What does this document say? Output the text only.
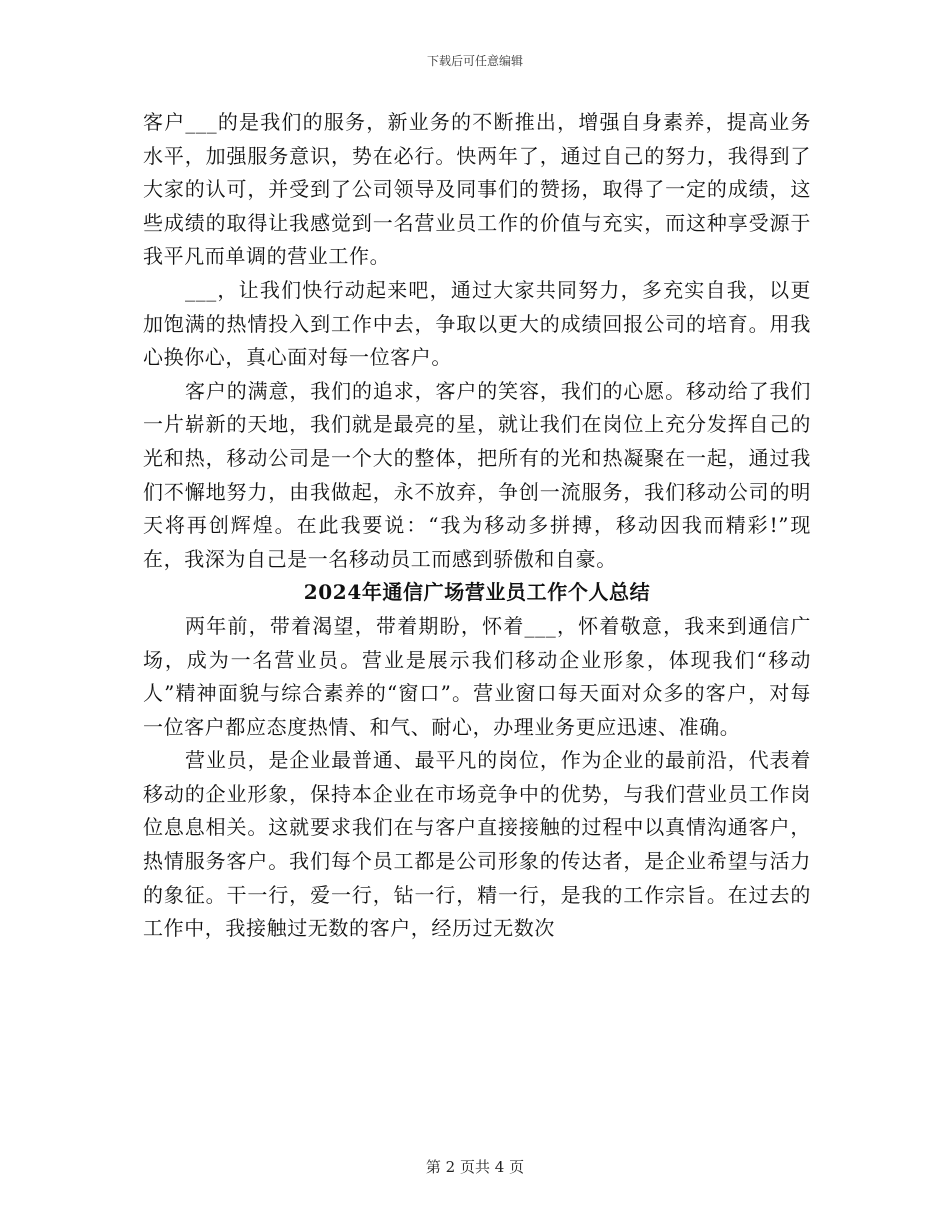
下载后可任意编辑

客户___的是我们的服务，新业务的不断推出，增强自身素养，提高业务水平，加强服务意识，势在必行。快两年了，通过自己的努力，我得到了大家的认可，并受到了公司领导及同事们的赞扬，取得了一定的成绩，这些成绩的取得让我感觉到一名营业员工作的价值与充实，而这种享受源于我平凡而单调的营业工作。

___，让我们快行动起来吧，通过大家共同努力，多充实自我，以更加饱满的热情投入到工作中去，争取以更大的成绩回报公司的培育。用我心换你心，真心面对每一位客户。

客户的满意，我们的追求，客户的笑容，我们的心愿。移动给了我们一片崭新的天地，我们就是最亮的星，就让我们在岗位上充分发挥自己的光和热，移动公司是一个大的整体，把所有的光和热凝聚在一起，通过我们不懈地努力，由我做起，永不放弃，争创一流服务，我们移动公司的明天将再创辉煌。在此我要说：“我为移动多拼搏，移动因我而精彩!”现在，我深为自己是一名移动员工而感到骄傲和自豪。

2024年通信广场营业员工作个人总结

两年前，带着渴望，带着期盼，怀着___，怀着敬意，我来到通信广场，成为一名营业员。营业是展示我们移动企业形象，体现我们“移动人”精神面貌与综合素养的“窗口”。营业窗口每天面对众多的客户，对每一位客户都应态度热情、和气、耐心，办理业务更应迅速、准确。

营业员，是企业最普通、最平凡的岗位，作为企业的最前沿，代表着移动的企业形象，保持本企业在市场竞争中的优势，与我们营业员工作岗位息息相关。这就要求我们在与客户直接接触的过程中以真情沟通客户，热情服务客户。我们每个员工都是公司形象的传达者，是企业希望与活力的象征。干一行，爱一行，钻一行，精一行，是我的工作宗旨。在过去的工作中，我接触过无数的客户，经历过无数次

第 2 页共 4 页
